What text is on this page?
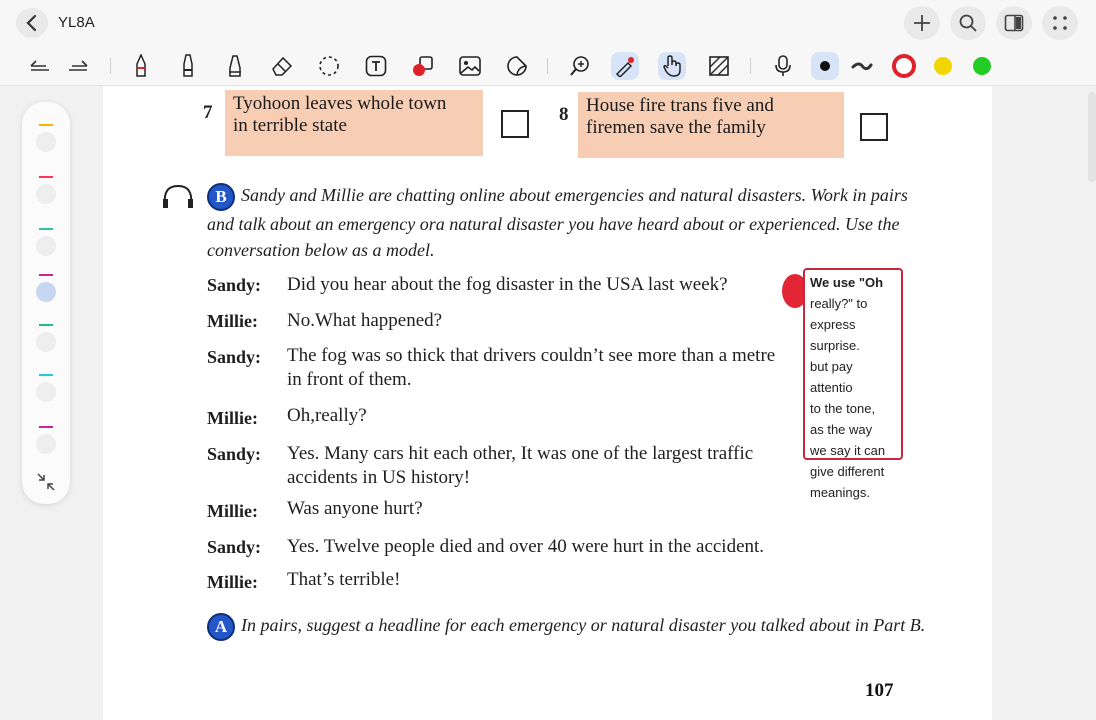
YL8A
7 Tyohoon leaves whole town
in terrible state
8 House fire trans five and
firemen save the family
B Sandy and Millie are chatting online about emergencies and natural disasters. Work in pairs and talk about an emergency ora natural disaster you have heard about or experienced. Use the conversation below as a model.
Sandy: Did you hear about the fog disaster in the USA last week?
Millie: No.What happened?
Sandy: The fog was so thick that drivers couldn’t see more than a metre in front of them.
Millie: Oh,really?
Sandy: Yes. Many cars hit each other, It was one of the largest traffic accidents in US history!
Millie: Was anyone hurt?
Sandy: Yes. Twelve people died and over 40 were hurt in the accident.
Millie: That’s terrible!
We use "Oh
really?" to
express surprise.
but pay attentio
to the tone,
as the way
we say it can
give different
meanings.
A In pairs, suggest a headline for each emergency or natural disaster you talked about in Part B.
107
